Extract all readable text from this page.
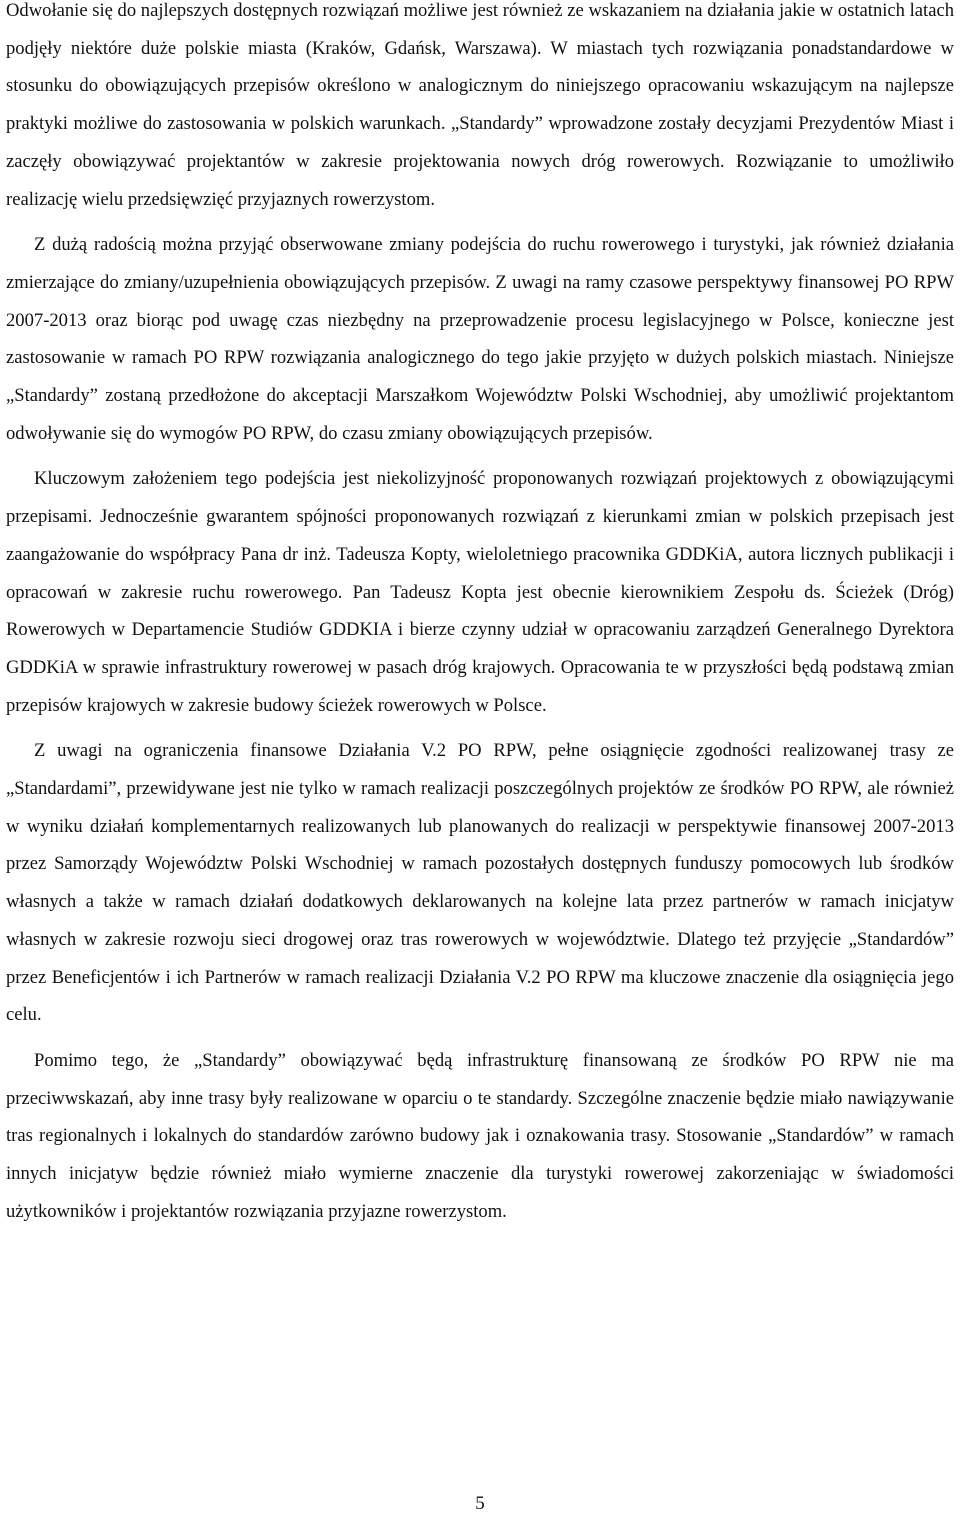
Odwołanie się do najlepszych dostępnych rozwiązań możliwe jest również ze wskazaniem na działania jakie w ostatnich latach podjęły niektóre duże polskie miasta (Kraków, Gdańsk, Warszawa). W miastach tych rozwiązania ponadstandardowe w stosunku do obowiązujących przepisów określono w analogicznym do niniejszego opracowaniu wskazującym na najlepsze praktyki możliwe do zastosowania w polskich warunkach. „Standardy” wprowadzone zostały decyzjami Prezydentów Miast i zaczęły obowiązywać projektantów w zakresie projektowania nowych dróg rowerowych. Rozwiązanie to umożliwiło realizację wielu przedsięwzięć przyjaznych rowerzystom.

Z dużą radością można przyjąć obserwowane zmiany podejścia do ruchu rowerowego i turystyki, jak również działania zmierzające do zmiany/uzupełnienia obowiązujących przepisów. Z uwagi na ramy czasowe perspektywy finansowej PO RPW 2007-2013 oraz biorąc pod uwagę czas niezbędny na przeprowadzenie procesu legislacyjnego w Polsce, konieczne jest zastosowanie w ramach PO RPW rozwiązania analogicznego do tego jakie przyjęto w dużych polskich miastach. Niniejsze „Standardy” zostaną przedłożone do akceptacji Marszałkom Województw Polski Wschodniej, aby umożliwić projektantom odwoływanie się do wymogów PO RPW, do czasu zmiany obowiązujących przepisów.

Kluczowym założeniem tego podejścia jest niekolizyjność proponowanych rozwiązań projektowych z obowiązującymi przepisami. Jednocześnie gwarantem spójności proponowanych rozwiązań z kierunkami zmian w polskich przepisach jest zaangażowanie do współpracy Pana dr inż. Tadeusza Kopty, wieloletniego pracownika GDDKiA, autora licznych publikacji i opracowań w zakresie ruchu rowerowego. Pan Tadeusz Kopta jest obecnie kierownikiem Zespołu ds. Ścieżek (Dróg) Rowerowych w Departamencie Studiów GDDKIA i bierze czynny udział w opracowaniu zarządzeń Generalnego Dyrektora GDDKiA w sprawie infrastruktury rowerowej w pasach dróg krajowych. Opracowania te w przyszłości będą podstawą zmian przepisów krajowych w zakresie budowy ścieżek rowerowych w Polsce.

Z uwagi na ograniczenia finansowe Działania V.2 PO RPW, pełne osiągnięcie zgodności realizowanej trasy ze „Standardami”, przewidywane jest nie tylko w ramach realizacji poszczególnych projektów ze środków PO RPW, ale również w wyniku działań komplementarnych realizowanych lub planowanych do realizacji w perspektywie finansowej 2007-2013 przez Samorządy Województw Polski Wschodniej w ramach pozostałych dostępnych funduszy pomocowych lub środków własnych a także w ramach działań dodatkowych deklarowanych na kolejne lata przez partnerów w ramach inicjatyw własnych w zakresie rozwoju sieci drogowej oraz tras rowerowych w województwie. Dlatego też przyjęcie „Standardów” przez Beneficjentów i ich Partnerów w ramach realizacji Działania V.2 PO RPW ma kluczowe znaczenie dla osiągnięcia jego celu.

Pomimo tego, że „Standardy” obowiązywać będą infrastrukturę finansowaną ze środków PO RPW nie ma przeciwwskazań, aby inne trasy były realizowane w oparciu o te standardy. Szczególne znaczenie będzie miało nawiązywanie tras regionalnych i lokalnych do standardów zarówno budowy jak i oznakowania trasy. Stosowanie „Standardów” w ramach innych inicjatyw będzie również miało wymierne znaczenie dla turystyki rowerowej zakorzeniając w świadomości użytkowników i projektantów rozwiązania przyjazne rowerzystom.

5
